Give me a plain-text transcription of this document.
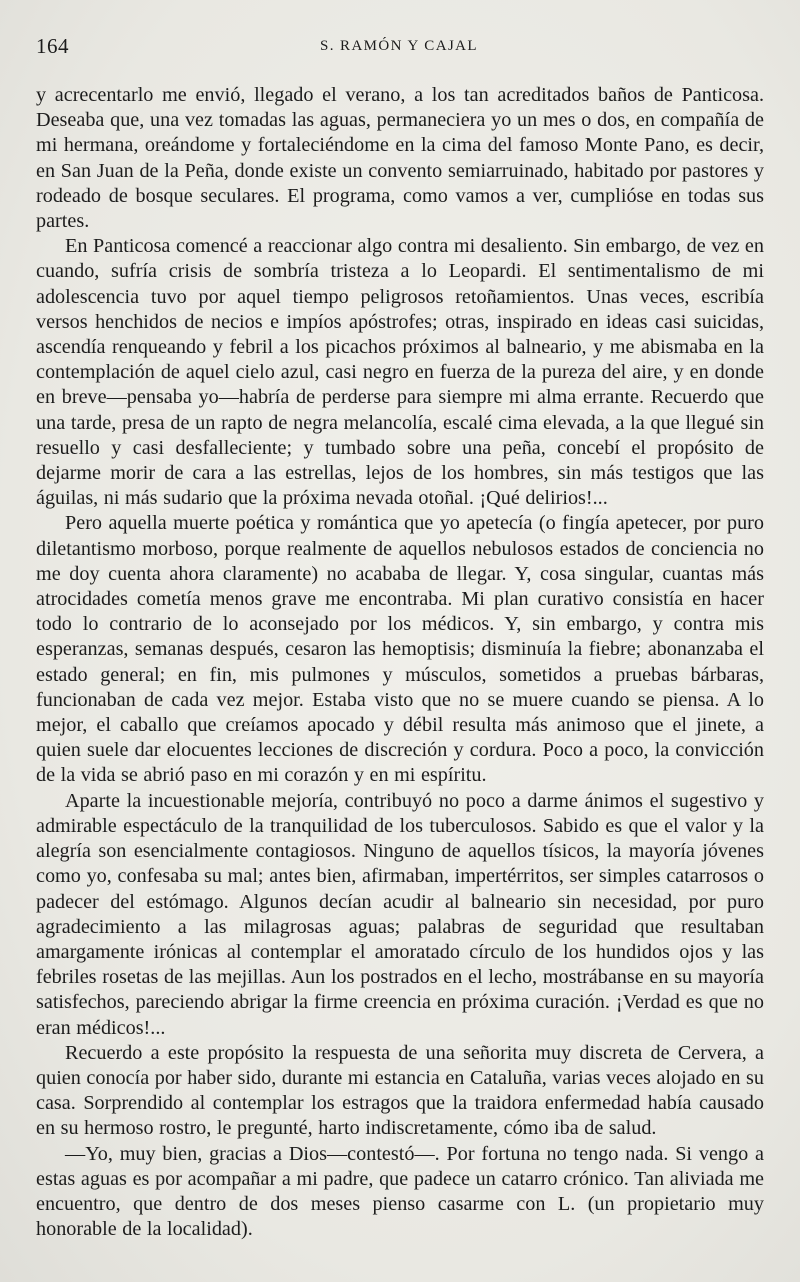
164	S. RAMÓN Y CAJAL

y acrecentarlo me envió, llegado el verano, a los tan acreditados baños de Panticosa. Deseaba que, una vez tomadas las aguas, permaneciera yo un mes o dos, en compañía de mi hermana, oreándome y fortaleciéndome en la cima del famoso Monte Pano, es decir, en San Juan de la Peña, donde existe un convento semiarruinado, habitado por pastores y rodeado de bosque seculares. El programa, como vamos a ver, cumplióse en todas sus partes.

En Panticosa comencé a reaccionar algo contra mi desaliento. Sin embargo, de vez en cuando, sufría crisis de sombría tristeza a lo Leopardi. El sentimentalismo de mi adolescencia tuvo por aquel tiempo peligrosos retoñamientos. Unas veces, escribía versos henchidos de necios e impíos apóstrofes; otras, inspirado en ideas casi suicidas, ascendía renqueando y febril a los picachos próximos al balneario, y me abismaba en la contemplación de aquel cielo azul, casi negro en fuerza de la pureza del aire, y en donde en breve—pensaba yo—habría de perderse para siempre mi alma errante. Recuerdo que una tarde, presa de un rapto de negra melancolía, escalé cima elevada, a la que llegué sin resuello y casi desfalleciente; y tumbado sobre una peña, concebí el propósito de dejarme morir de cara a las estrellas, lejos de los hombres, sin más testigos que las águilas, ni más sudario que la próxima nevada otoñal. ¡Qué delirios!...

Pero aquella muerte poética y romántica que yo apetecía (o fingía apetecer, por puro diletantismo morboso, porque realmente de aquellos nebulosos estados de conciencia no me doy cuenta ahora claramente) no acababa de llegar. Y, cosa singular, cuantas más atrocidades cometía menos grave me encontraba. Mi plan curativo consistía en hacer todo lo contrario de lo aconsejado por los médicos. Y, sin embargo, y contra mis esperanzas, semanas después, cesaron las hemoptisis; disminuía la fiebre; abonanzaba el estado general; en fin, mis pulmones y músculos, sometidos a pruebas bárbaras, funcionaban de cada vez mejor. Estaba visto que no se muere cuando se piensa. A lo mejor, el caballo que creíamos apocado y débil resulta más animoso que el jinete, a quien suele dar elocuentes lecciones de discreción y cordura. Poco a poco, la convicción de la vida se abrió paso en mi corazón y en mi espíritu.

Aparte la incuestionable mejoría, contribuyó no poco a darme ánimos el sugestivo y admirable espectáculo de la tranquilidad de los tuberculosos. Sabido es que el valor y la alegría son esencialmente contagiosos. Ninguno de aquellos tísicos, la mayoría jóvenes como yo, confesaba su mal; antes bien, afirmaban, impertérritos, ser simples catarrosos o padecer del estómago. Algunos decían acudir al balneario sin necesidad, por puro agradecimiento a las milagrosas aguas; palabras de seguridad que resultaban amargamente irónicas al contemplar el amoratado círculo de los hundidos ojos y las febriles rosetas de las mejillas. Aun los postrados en el lecho, mostrábanse en su mayoría satisfechos, pareciendo abrigar la firme creencia en próxima curación. ¡Verdad es que no eran médicos!...

Recuerdo a este propósito la respuesta de una señorita muy discreta de Cervera, a quien conocía por haber sido, durante mi estancia en Cataluña, varias veces alojado en su casa. Sorprendido al contemplar los estragos que la traidora enfermedad había causado en su hermoso rostro, le pregunté, harto indiscretamente, cómo iba de salud.

—Yo, muy bien, gracias a Dios—contestó—. Por fortuna no tengo nada. Si vengo a estas aguas es por acompañar a mi padre, que padece un catarro crónico. Tan aliviada me encuentro, que dentro de dos meses pienso casarme con L. (un propietario muy honorable de la localidad).
